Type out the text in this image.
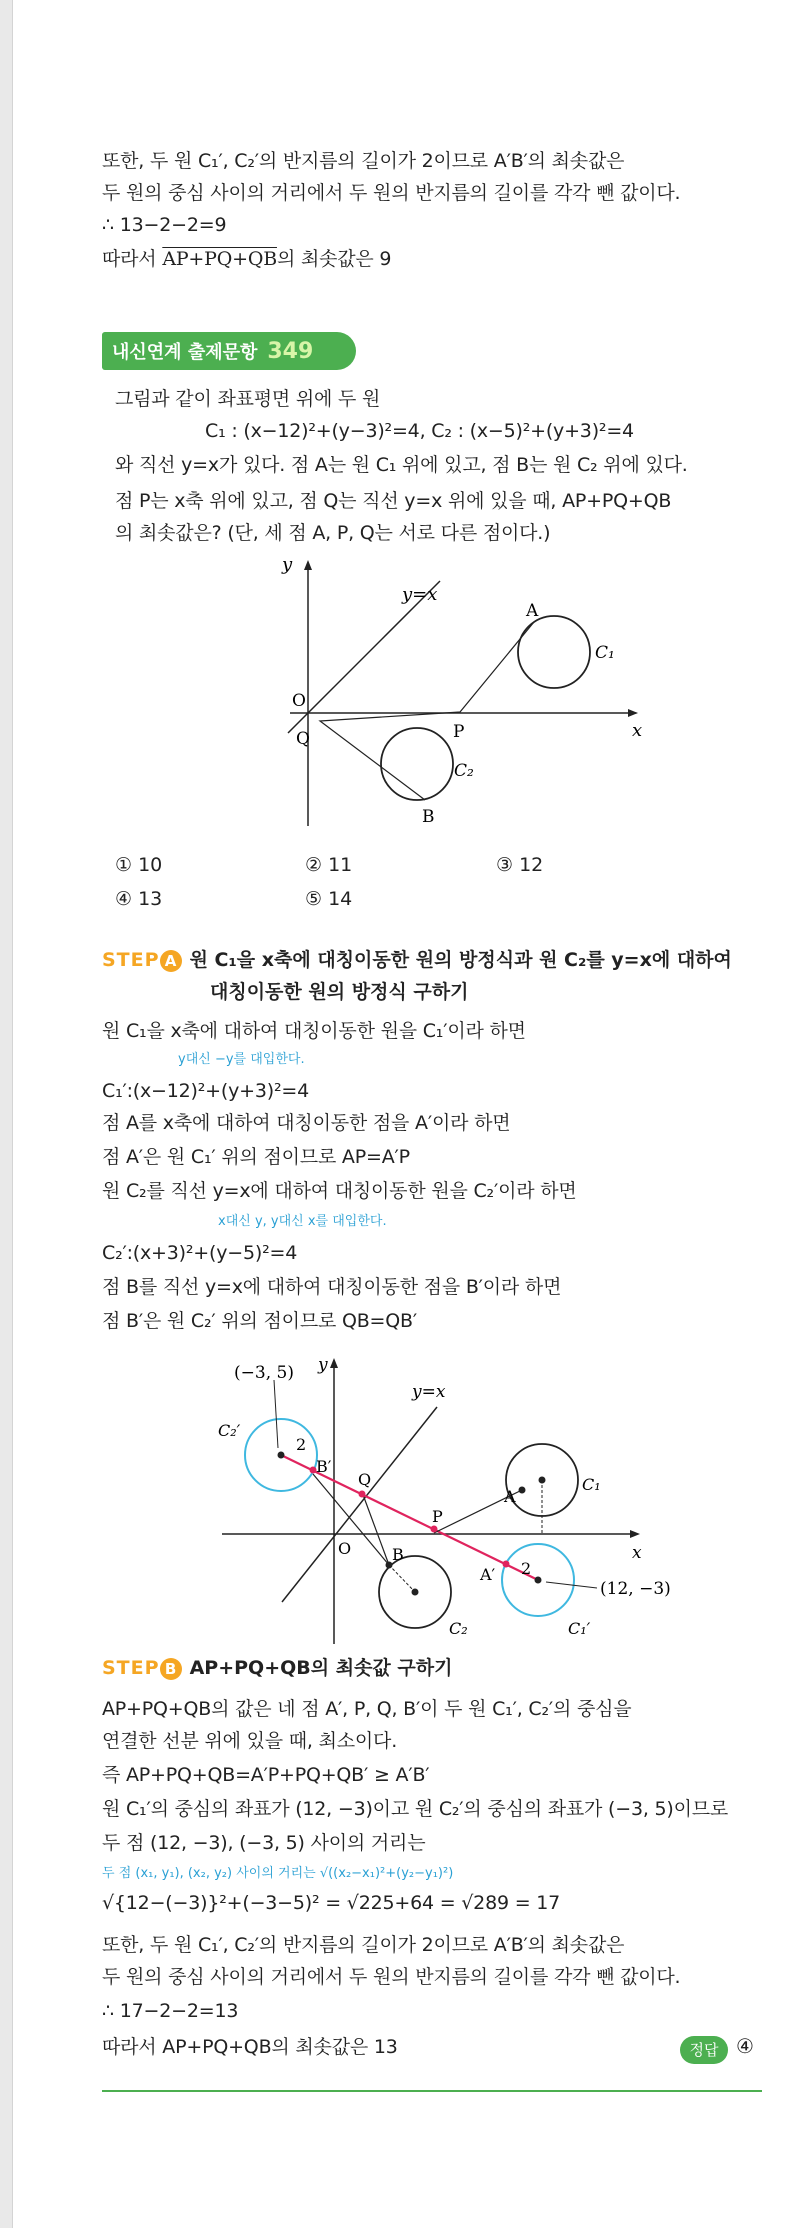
또한, 두 원 C₁′, C₂′의 반지름의 길이가 2이므로 A′B′의 최솟값은
두 원의 중심 사이의 거리에서 두 원의 반지름의 길이를 각각 뺀 값이다.
∴ 13−2−2=9
따라서 AP+PQ+QB의 최솟값은 9
내신연계 출제문항 349
그림과 같이 좌표평면 위에 두 원
C₁ : (x−12)²+(y−3)²=4, C₂ : (x−5)²+(y+3)²=4
와 직선 y=x가 있다. 점 A는 원 C₁ 위에 있고, 점 B는 원 C₂ 위에 있다.
점 P는 x축 위에 있고, 점 Q는 직선 y=x 위에 있을 때, AP+PQ+QB
의 최솟값은? (단, 세 점 A, P, Q는 서로 다른 점이다.)
y
x
y=x
O
A
C₁
P
Q
C₂
B
① 10	② 11	③ 12
④ 13	⑤ 14
STEP A 원 C₁을 x축에 대칭이동한 원의 방정식과 원 C₂를 y=x에 대하여
대칭이동한 원의 방정식 구하기
원 C₁을 x축에 대하여 대칭이동한 원을 C₁′이라 하면
y대신 −y를 대입한다.
C₁′:(x−12)²+(y+3)²=4
점 A를 x축에 대하여 대칭이동한 점을 A′이라 하면
점 A′은 원 C₁′ 위의 점이므로 AP=A′P
원 C₂를 직선 y=x에 대하여 대칭이동한 원을 C₂′이라 하면
x대신 y, y대신 x를 대입한다.
C₂′:(x+3)²+(y−5)²=4
점 B를 직선 y=x에 대하여 대칭이동한 점을 B′이라 하면
점 B′은 원 C₂′ 위의 점이므로 QB=QB′
(−3, 5) y
x
y=x
C₂′
2
B′
Q
P
A
C₁
O	B
A′ 2
(12, −3)
C₂	C₁′
STEP B AP+PQ+QB의 최솟값 구하기
AP+PQ+QB의 값은 네 점 A′, P, Q, B′이 두 원 C₁′, C₂′의 중심을
연결한 선분 위에 있을 때, 최소이다.
즉 AP+PQ+QB=A′P+PQ+QB′ ≥ A′B′
원 C₁′의 중심의 좌표가 (12, −3)이고 원 C₂′의 중심의 좌표가 (−3, 5)이므로
두 점 (12, −3), (−3, 5) 사이의 거리는
두 점 (x₁, y₁), (x₂, y₂) 사이의 거리는 √((x₂−x₁)²+(y₂−y₁)²)
√{12−(−3)}²+(−3−5)² = √225+64 = √289 = 17
또한, 두 원 C₁′, C₂′의 반지름의 길이가 2이므로 A′B′의 최솟값은
두 원의 중심 사이의 거리에서 두 원의 반지름의 길이를 각각 뺀 값이다.
∴ 17−2−2=13
따라서 AP+PQ+QB의 최솟값은 13	정답 ④
